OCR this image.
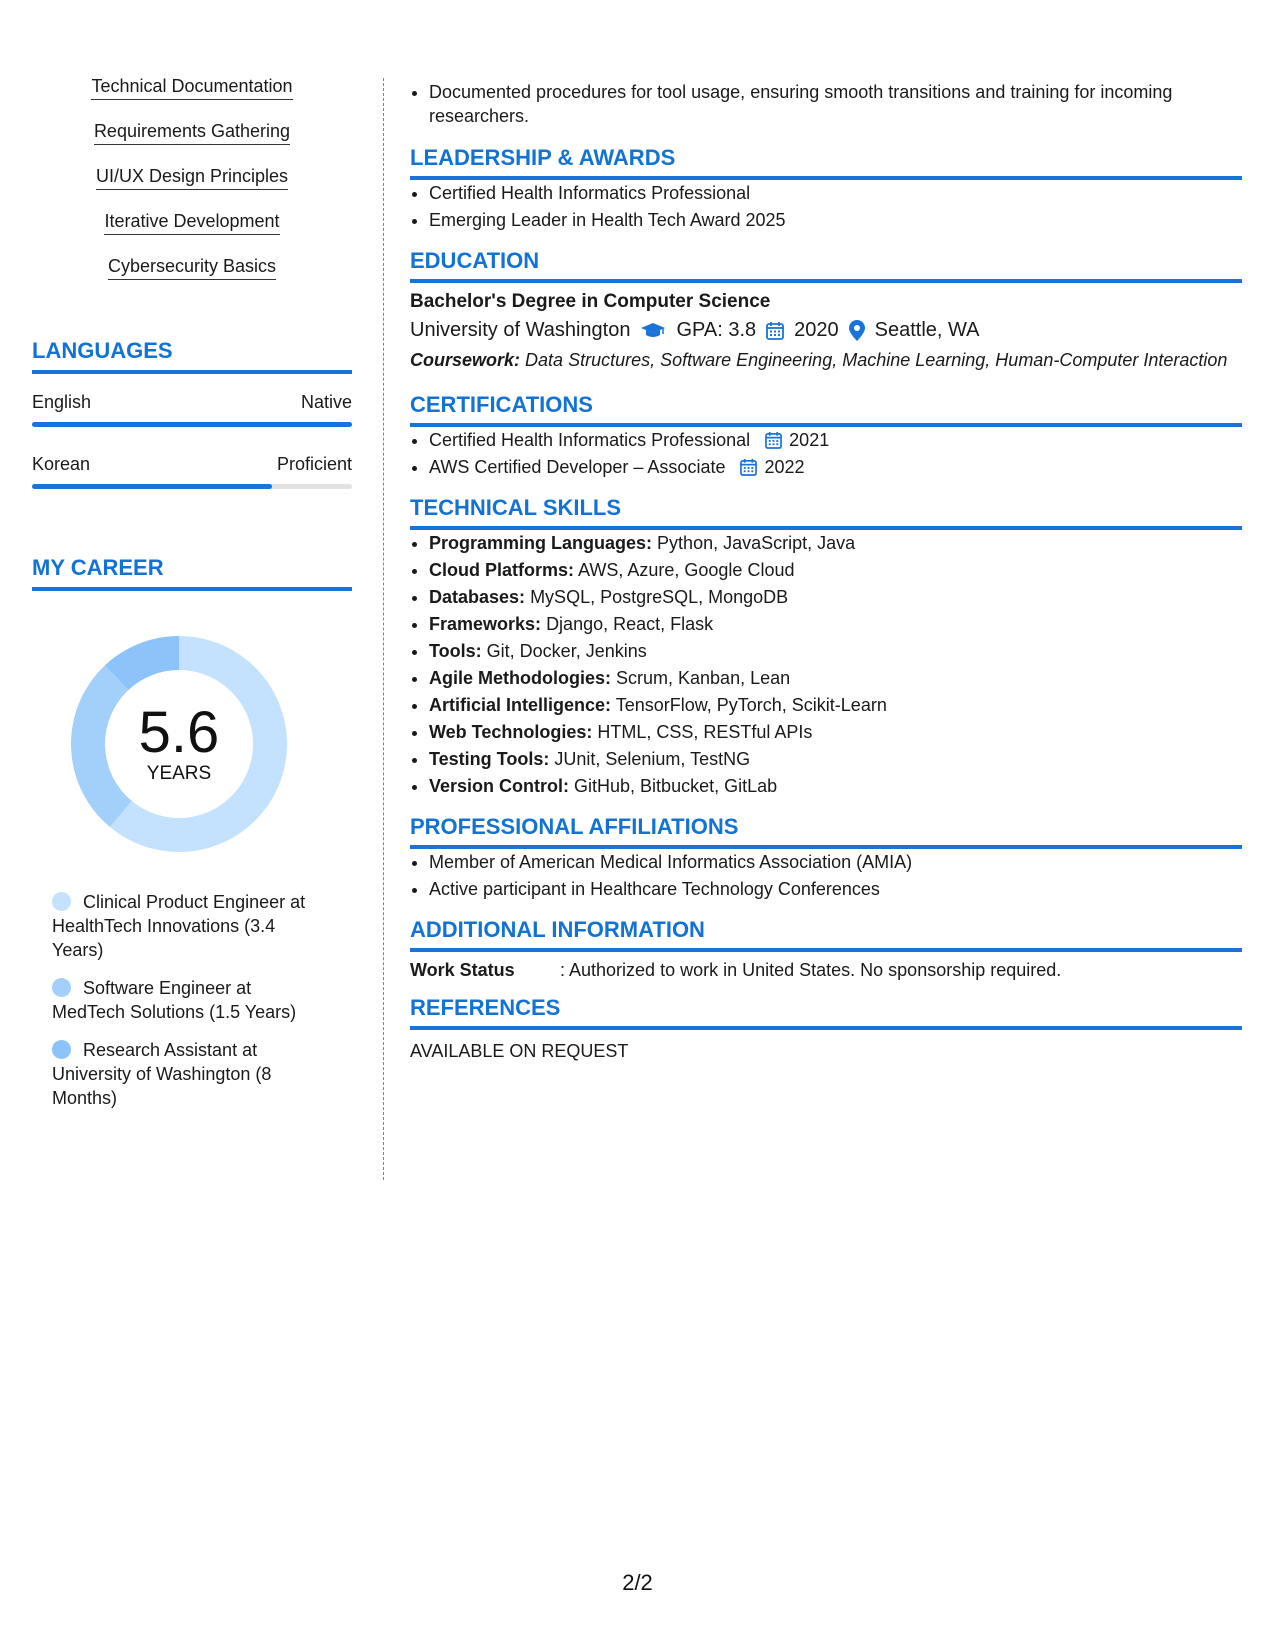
Technical Documentation
Requirements Gathering
UI/UX Design Principles
Iterative Development
Cybersecurity Basics
LANGUAGES
English	Native
Korean	Proficient
MY CAREER
5.6
YEARS
Clinical Product Engineer at HealthTech Innovations (3.4 Years)
Software Engineer at MedTech Solutions (1.5 Years)
Research Assistant at University of Washington (8 Months)
• Documented procedures for tool usage, ensuring smooth transitions and training for incoming researchers.
LEADERSHIP & AWARDS
• Certified Health Informatics Professional
• Emerging Leader in Health Tech Award 2025
EDUCATION
Bachelor's Degree in Computer Science
University of Washington GPA: 3.8 2020 Seattle, WA
Coursework: Data Structures, Software Engineering, Machine Learning, Human-Computer Interaction
CERTIFICATIONS
• Certified Health Informatics Professional 2021
• AWS Certified Developer – Associate 2022
TECHNICAL SKILLS
• Programming Languages: Python, JavaScript, Java
• Cloud Platforms: AWS, Azure, Google Cloud
• Databases: MySQL, PostgreSQL, MongoDB
• Frameworks: Django, React, Flask
• Tools: Git, Docker, Jenkins
• Agile Methodologies: Scrum, Kanban, Lean
• Artificial Intelligence: TensorFlow, PyTorch, Scikit-Learn
• Web Technologies: HTML, CSS, RESTful APIs
• Testing Tools: JUnit, Selenium, TestNG
• Version Control: GitHub, Bitbucket, GitLab
PROFESSIONAL AFFILIATIONS
• Member of American Medical Informatics Association (AMIA)
• Active participant in Healthcare Technology Conferences
ADDITIONAL INFORMATION
Work Status	: Authorized to work in United States. No sponsorship required.
REFERENCES
AVAILABLE ON REQUEST
2/2
